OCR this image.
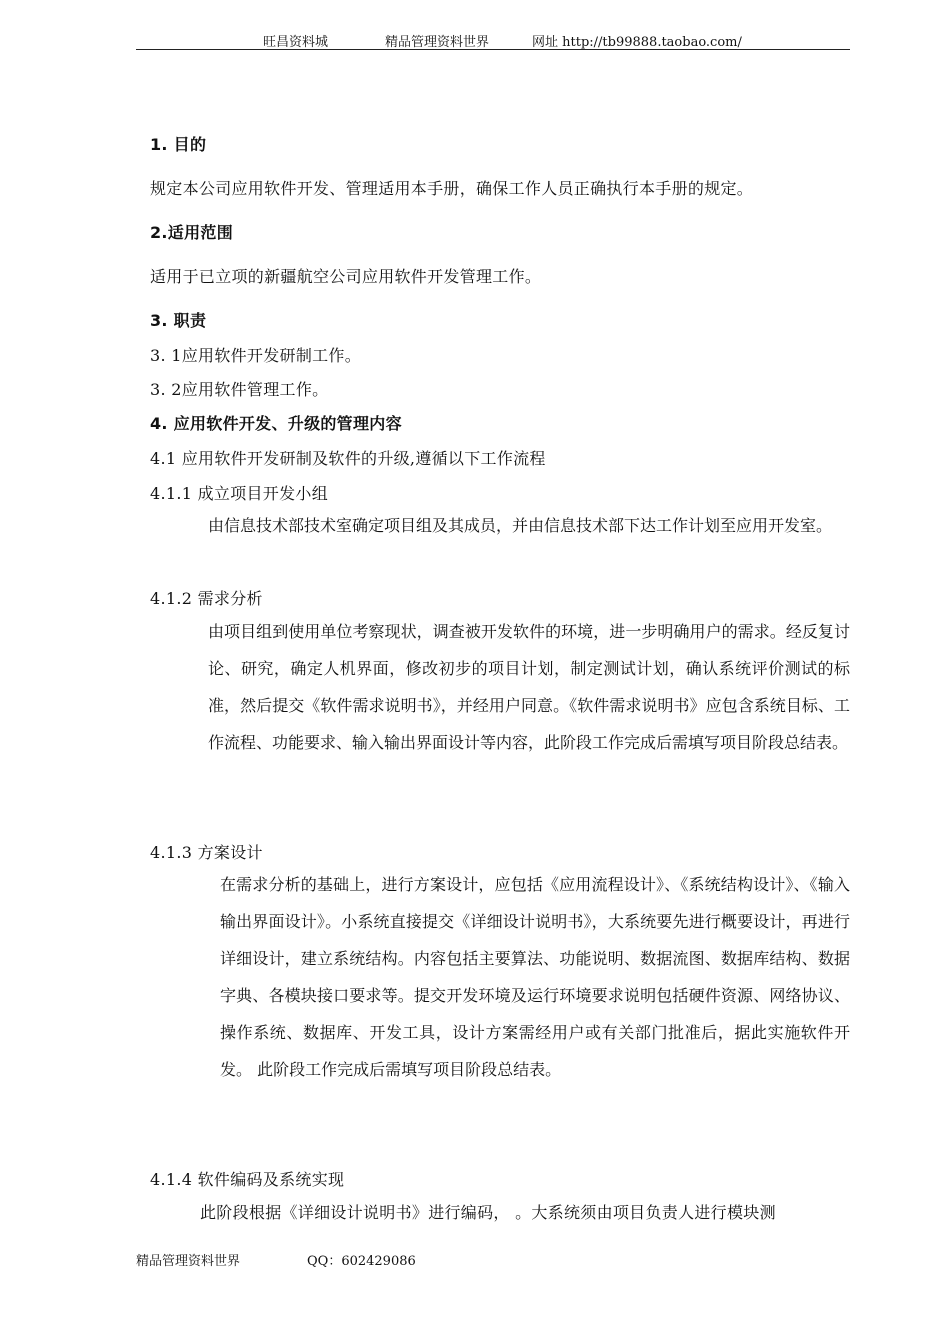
旺昌资料城	精品管理资料世界	网址 http://tb99888.taobao.com/
1. 目的
规定本公司应用软件开发、管理适用本手册，确保工作人员正确执行本手册的规定。
2.适用范围
适用于已立项的新疆航空公司应用软件开发管理工作。
3. 职责
3. 1应用软件开发研制工作。
3. 2应用软件管理工作。
4. 应用软件开发、升级的管理内容
4.1 应用软件开发研制及软件的升级,遵循以下工作流程
4.1.1 成立项目开发小组
由信息技术部技术室确定项目组及其成员，并由信息技术部下达工作计划至应用开发室。
4.1.2 需求分析
由项目组到使用单位考察现状，调查被开发软件的环境，进一步明确用户的需求。经反复讨论、研究，确定人机界面，修改初步的项目计划，制定测试计划，确认系统评价测试的标准，然后提交《软件需求说明书》，并经用户同意。《软件需求说明书》应包含系统目标、工作流程、功能要求、输入输出界面设计等内容，此阶段工作完成后需填写项目阶段总结表。
4.1.3 方案设计
在需求分析的基础上，进行方案设计，应包括《应用流程设计》、《系统结构设计》、《输入输出界面设计》。小系统直接提交《详细设计说明书》，大系统要先进行概要设计，再进行详细设计，建立系统结构。内容包括主要算法、功能说明、数据流图、数据库结构、数据字典、各模块接口要求等。提交开发环境及运行环境要求说明包括硬件资源、网络协议、操作系统、数据库、开发工具，设计方案需经用户或有关部门批准后，据此实施软件开发。 此阶段工作完成后需填写项目阶段总结表。
4.1.4 软件编码及系统实现
此阶段根据《详细设计说明书》进行编码， 。大系统须由项目负责人进行模块测
精品管理资料世界	QQ：602429086
